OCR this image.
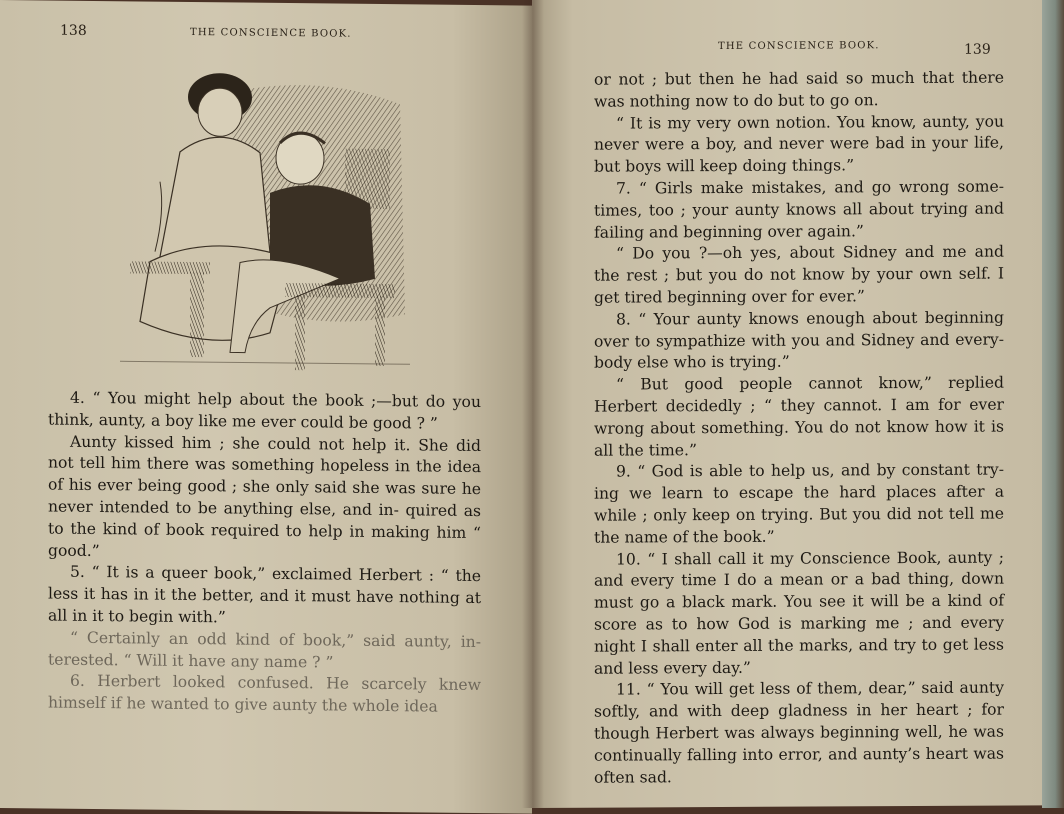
138	THE CONSCIENCE BOOK.

4. “ You might help about the book ;—but do you think, aunty, a boy like me ever could be good ? ”

Aunty kissed him ; she could not help it. She did not tell him there was something hopeless in the idea of his ever being good ; she only said she was sure he never intended to be anything else, and in- quired as to the kind of book required to help in making him “ good.”

5. “ It is a queer book,” exclaimed Herbert : “ the less it has in it the better, and it must have nothing at all in it to begin with.”

“ Certainly an odd kind of book,” said aunty, in- terested. “ Will it have any name ? ”

6. Herbert looked confused. He scarcely knew himself if he wanted to give aunty the whole idea

THE CONSCIENCE BOOK.	139

or not ; but then he had said so much that there was nothing now to do but to go on.

“ It is my very own notion. You know, aunty, you never were a boy, and never were bad in your life, but boys will keep doing things.”

7. “ Girls make mistakes, and go wrong some- times, too ; your aunty knows all about trying and failing and beginning over again.”

“ Do you ?—oh yes, about Sidney and me and the rest ; but you do not know by your own self. I get tired beginning over for ever.”

8. “ Your aunty knows enough about beginning over to sympathize with you and Sidney and every- body else who is trying.”

“ But good people cannot know,” replied Herbert decidedly ; “ they cannot. I am for ever wrong about something. You do not know how it is all the time.”

9. “ God is able to help us, and by constant try- ing we learn to escape the hard places after a while ; only keep on trying. But you did not tell me the name of the book.”

10. “ I shall call it my Conscience Book, aunty ; and every time I do a mean or a bad thing, down must go a black mark. You see it will be a kind of score as to how God is marking me ; and every night I shall enter all the marks, and try to get less and less every day.”

11. “ You will get less of them, dear,” said aunty softly, and with deep gladness in her heart ; for though Herbert was always beginning well, he was continually falling into error, and aunty’s heart was often sad.
